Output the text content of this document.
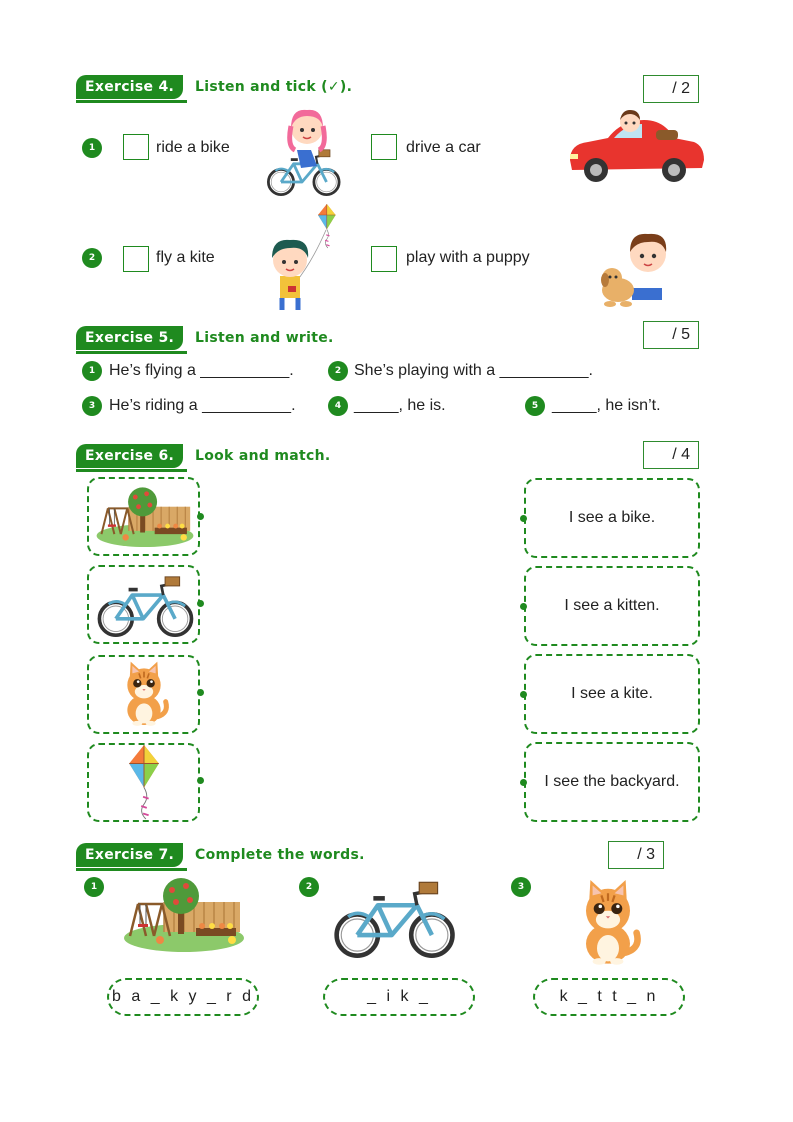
Exercise 4.	Listen and tick (✓).	/ 2
1	ride a bike	drive a car
2	fly a kite	play with a puppy
Exercise 5.	Listen and write.	/ 5
1 He’s flying a __________.	2 She’s playing with a __________.
3 He’s riding a __________.	4 _____, he is.	5 _____, he isn’t.
Exercise 6.	Look and match.	/ 4
I see a bike.
I see a kitten.
I see a kite.
I see the backyard.
Exercise 7.	Complete the words.	/ 3
1
b a _ k y _ r d
2
_ i k _
3
k _ t t _ n
